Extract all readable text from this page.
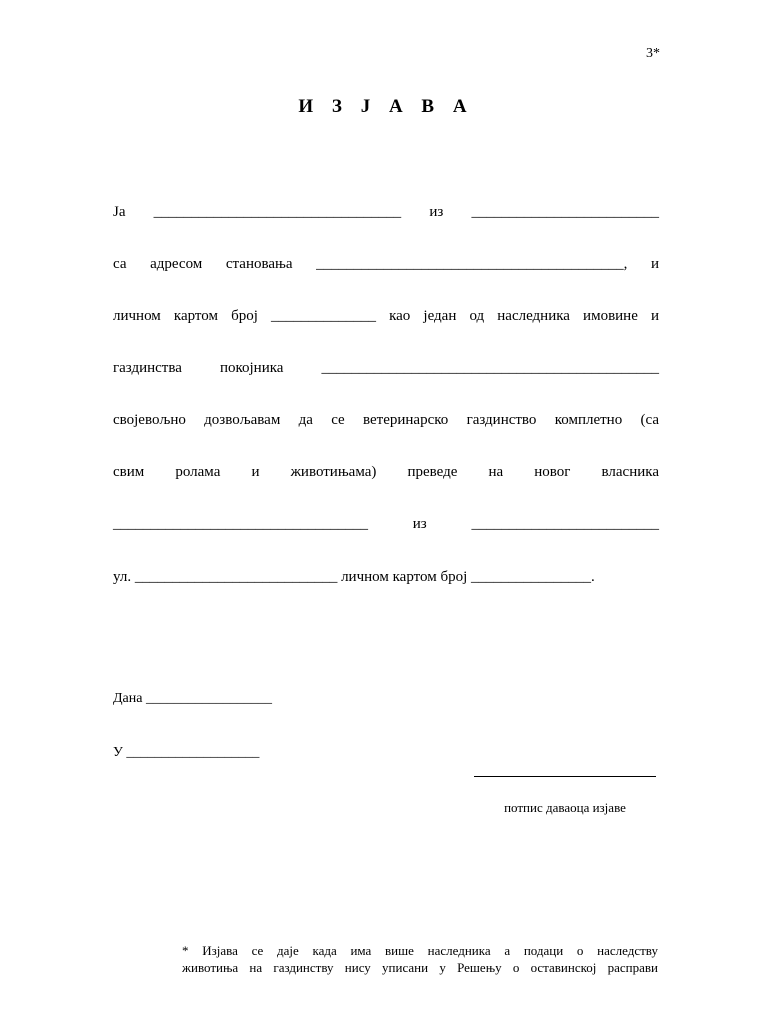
3*
И З Ј А В А
Ја _________________________________ из _________________________
са адресом становања _________________________________________, и
личном картом број ______________ као један од наследника имовине и
газдинства покојника _____________________________________________
својевољно дозвољавам да се ветеринарско газдинство комплетно (са
свим ролама и животињама) преведе на новог власника
__________________________________ из _________________________
ул. ___________________________ личном картом број ________________.
Дана __________________
У ___________________
потпис даваоца изјаве
* Изјава се даје када има више наследника а подаци о наследству
животиња на газдинству нису уписани у Решењу о оставинској расправи
